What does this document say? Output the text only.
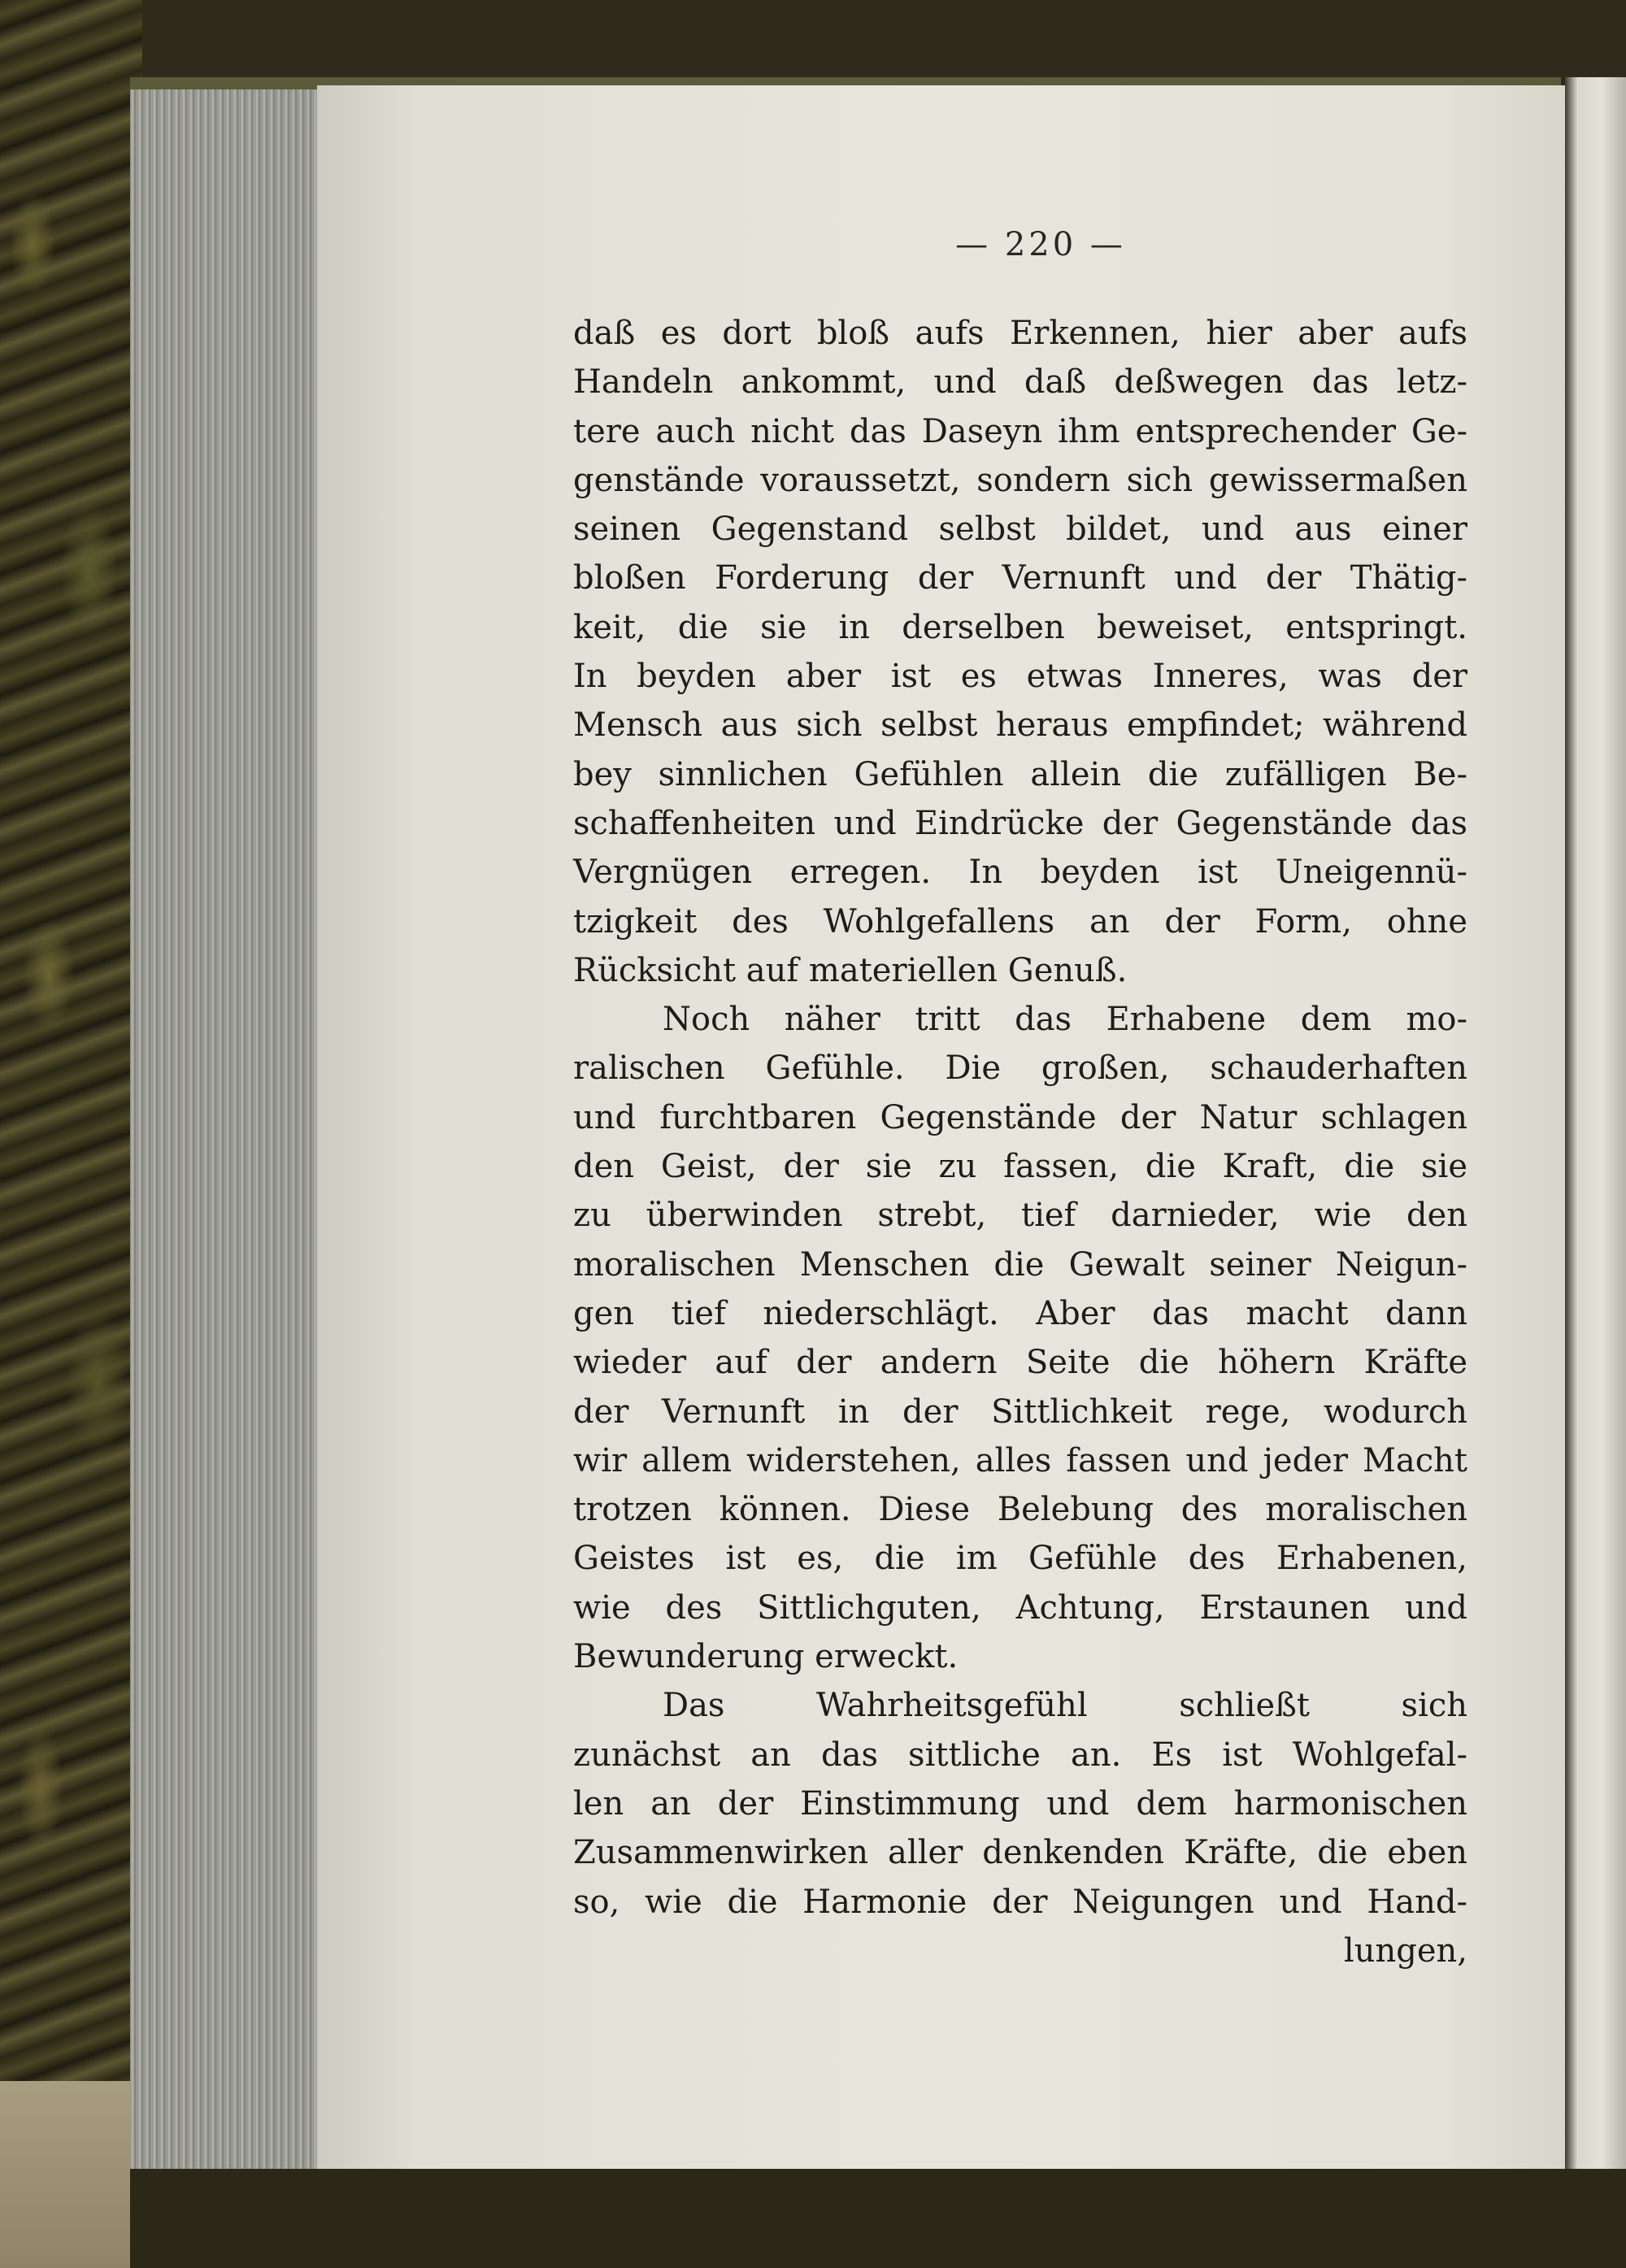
— 220 —
daß es dort bloß aufs Erkennen, hier aber aufs
Handeln ankommt, und daß deßwegen das letz-
tere auch nicht das Daseyn ihm entsprechender Ge-
genstände voraussetzt, sondern sich gewissermaßen
seinen Gegenstand selbst bildet, und aus einer
bloßen Forderung der Vernunft und der Thätig-
keit, die sie in derselben beweiset, entspringt.
In beyden aber ist es etwas Inneres, was der
Mensch aus sich selbst heraus empfindet; während
bey sinnlichen Gefühlen allein die zufälligen Be-
schaffenheiten und Eindrücke der Gegenstände das
Vergnügen erregen. In beyden ist Uneigennü-
tzigkeit des Wohlgefallens an der Form, ohne
Rücksicht auf materiellen Genuß.
Noch näher tritt das Erhabene dem mo-
ralischen Gefühle. Die großen, schauderhaften
und furchtbaren Gegenstände der Natur schlagen
den Geist, der sie zu fassen, die Kraft, die sie
zu überwinden strebt, tief darnieder, wie den
moralischen Menschen die Gewalt seiner Neigun-
gen tief niederschlägt. Aber das macht dann
wieder auf der andern Seite die höhern Kräfte
der Vernunft in der Sittlichkeit rege, wodurch
wir allem widerstehen, alles fassen und jeder Macht
trotzen können. Diese Belebung des moralischen
Geistes ist es, die im Gefühle des Erhabenen,
wie des Sittlichguten, Achtung, Erstaunen und
Bewunderung erweckt.
Das Wahrheitsgefühl schließt sich
zunächst an das sittliche an. Es ist Wohlgefal-
len an der Einstimmung und dem harmonischen
Zusammenwirken aller denkenden Kräfte, die eben
so, wie die Harmonie der Neigungen und Hand-
lungen,
